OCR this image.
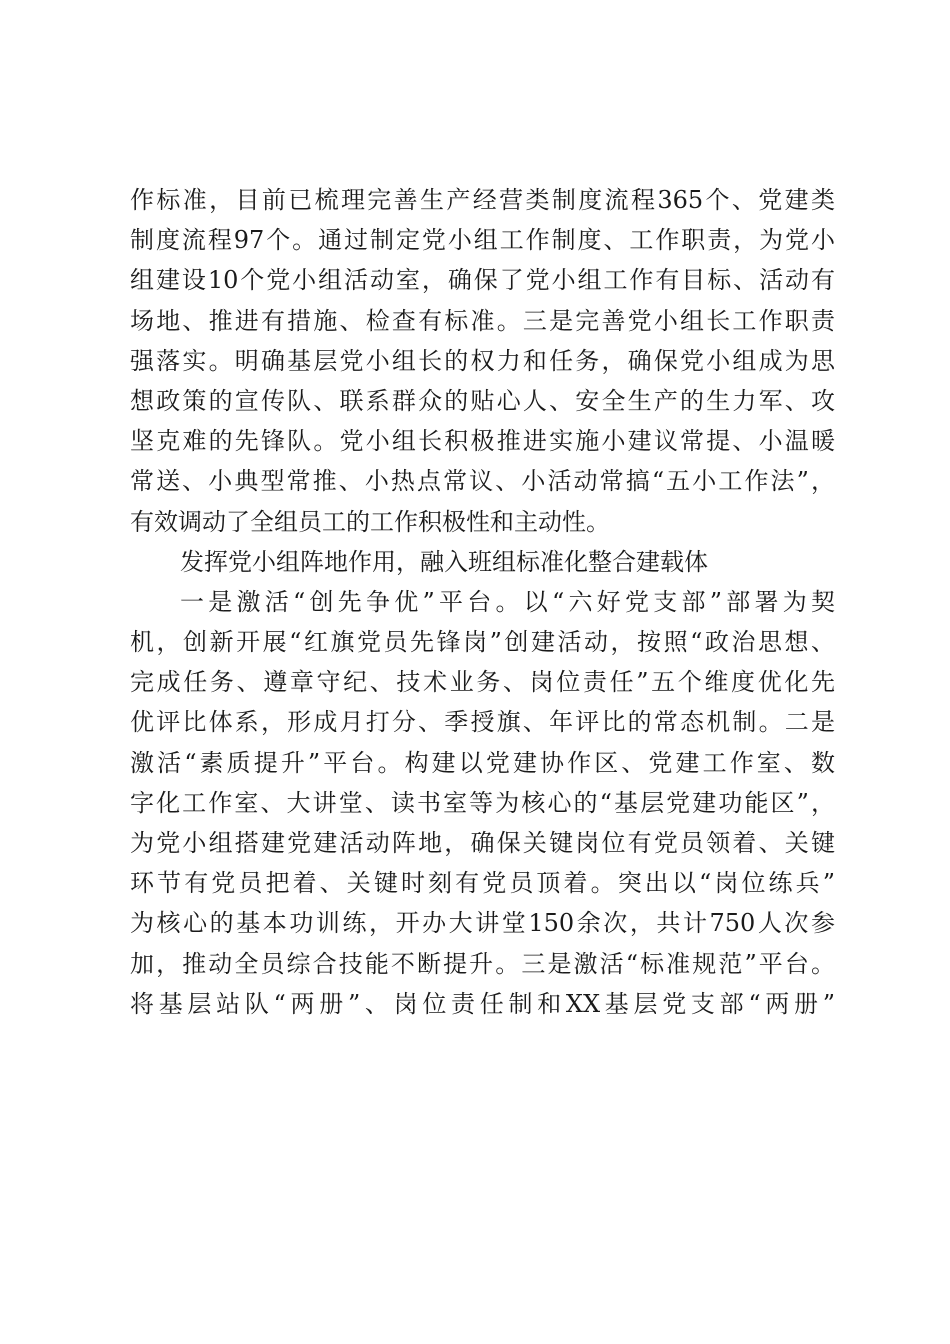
作标准，目前已梳理完善生产经营类制度流程365个、党建类
制度流程97个。通过制定党小组工作制度、工作职责，为党小
组建设10个党小组活动室，确保了党小组工作有目标、活动有
场地、推进有措施、检查有标准。三是完善党小组长工作职责
强落实。明确基层党小组长的权力和任务，确保党小组成为思
想政策的宣传队、联系群众的贴心人、安全生产的生力军、攻
坚克难的先锋队。党小组长积极推进实施小建议常提、小温暖
常送、小典型常推、小热点常议、小活动常搞“五小工作法”，
有效调动了全组员工的工作积极性和主动性。
发挥党小组阵地作用，融入班组标准化整合建载体
一是激活“创先争优”平台。以“六好党支部”部署为契
机，创新开展“红旗党员先锋岗”创建活动，按照“政治思想、
完成任务、遵章守纪、技术业务、岗位责任”五个维度优化先
优评比体系，形成月打分、季授旗、年评比的常态机制。二是
激活“素质提升”平台。构建以党建协作区、党建工作室、数
字化工作室、大讲堂、读书室等为核心的“基层党建功能区”，
为党小组搭建党建活动阵地，确保关键岗位有党员领着、关键
环节有党员把着、关键时刻有党员顶着。突出以“岗位练兵”
为核心的基本功训练，开办大讲堂150余次，共计750人次参
加，推动全员综合技能不断提升。三是激活“标准规范”平台。
将基层站队“两册”、岗位责任制和XX基层党支部“两册”
